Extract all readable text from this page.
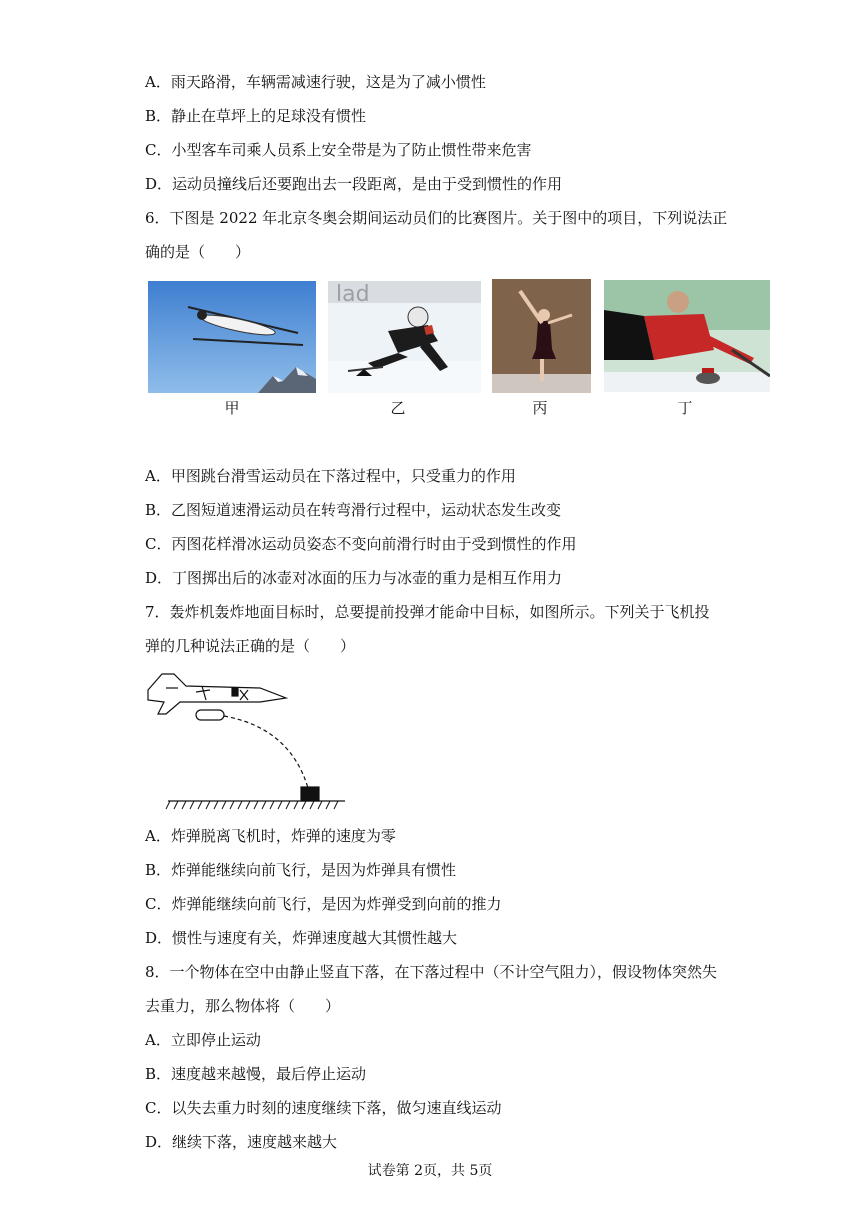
A．雨天路滑，车辆需减速行驶，这是为了减小惯性
B．静止在草坪上的足球没有惯性
C．小型客车司乘人员系上安全带是为了防止惯性带来危害
D．运动员撞线后还要跑出去一段距离，是由于受到惯性的作用
6．下图是 2022 年北京冬奥会期间运动员们的比赛图片。关于图中的项目，下列说法正
确的是（　　）
lad
甲	乙	丙	丁
A．甲图跳台滑雪运动员在下落过程中，只受重力的作用
B．乙图短道速滑运动员在转弯滑行过程中，运动状态发生改变
C．丙图花样滑冰运动员姿态不变向前滑行时由于受到惯性的作用
D．丁图掷出后的冰壶对冰面的压力与冰壶的重力是相互作用力
7．轰炸机轰炸地面目标时，总要提前投弹才能命中目标，如图所示。下列关于飞机投
弹的几种说法正确的是（　　）
A．炸弹脱离飞机时，炸弹的速度为零
B．炸弹能继续向前飞行，是因为炸弹具有惯性
C．炸弹能继续向前飞行，是因为炸弹受到向前的推力
D．惯性与速度有关，炸弹速度越大其惯性越大
8．一个物体在空中由静止竖直下落，在下落过程中（不计空气阻力），假设物体突然失
去重力，那么物体将（　　）
A．立即停止运动
B．速度越来越慢，最后停止运动
C．以失去重力时刻的速度继续下落，做匀速直线运动
D．继续下落，速度越来越大
试卷第 2页，共 5页
